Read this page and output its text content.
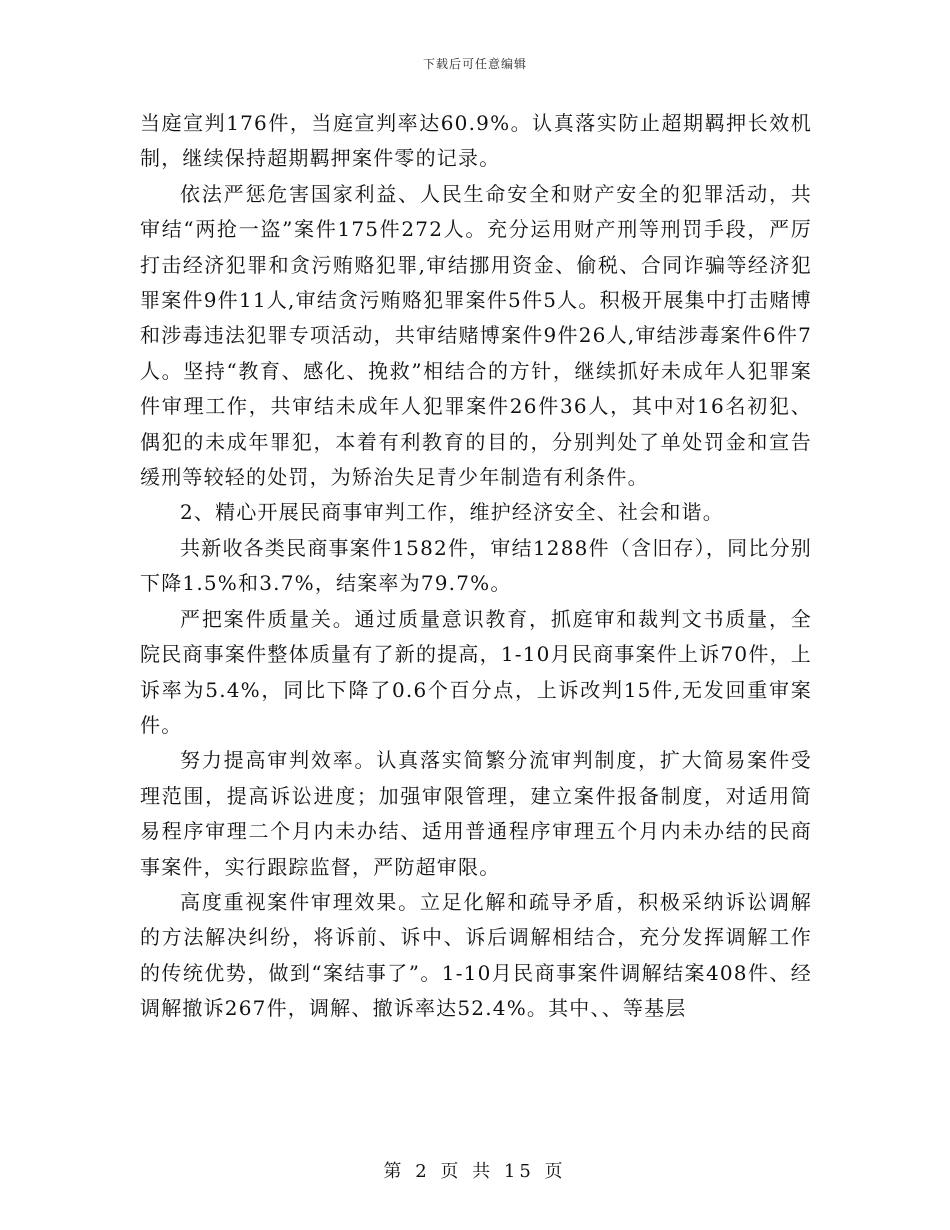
下载后可任意编辑

当庭宣判176件，当庭宣判率达60.9%。认真落实防止超期羁押长效机制，继续保持超期羁押案件零的记录。

依法严惩危害国家利益、人民生命安全和财产安全的犯罪活动，共审结“两抢一盗”案件175件272人。充分运用财产刑等刑罚手段，严厉打击经济犯罪和贪污贿赂犯罪,审结挪用资金、偷税、合同诈骗等经济犯罪案件9件11人,审结贪污贿赂犯罪案件5件5人。积极开展集中打击赌博和涉毒违法犯罪专项活动，共审结赌博案件9件26人,审结涉毒案件6件7人。坚持“教育、感化、挽救”相结合的方针，继续抓好未成年人犯罪案件审理工作，共审结未成年人犯罪案件26件36人，其中对16名初犯、偶犯的未成年罪犯，本着有利教育的目的，分别判处了单处罚金和宣告缓刑等较轻的处罚，为矫治失足青少年制造有利条件。

2、精心开展民商事审判工作，维护经济安全、社会和谐。

共新收各类民商事案件1582件，审结1288件（含旧存），同比分别下降1.5%和3.7%，结案率为79.7%。

严把案件质量关。通过质量意识教育，抓庭审和裁判文书质量，全院民商事案件整体质量有了新的提高，1-10月民商事案件上诉70件，上诉率为5.4%，同比下降了0.6个百分点，上诉改判15件,无发回重审案件。

努力提高审判效率。认真落实简繁分流审判制度，扩大简易案件受理范围，提高诉讼进度；加强审限管理，建立案件报备制度，对适用简易程序审理二个月内未办结、适用普通程序审理五个月内未办结的民商事案件，实行跟踪监督，严防超审限。

高度重视案件审理效果。立足化解和疏导矛盾，积极采纳诉讼调解的方法解决纠纷，将诉前、诉中、诉后调解相结合，充分发挥调解工作的传统优势，做到“案结事了”。1-10月民商事案件调解结案408件、经调解撤诉267件，调解、撤诉率达52.4%。其中、、等基层

第 2 页 共 15 页
